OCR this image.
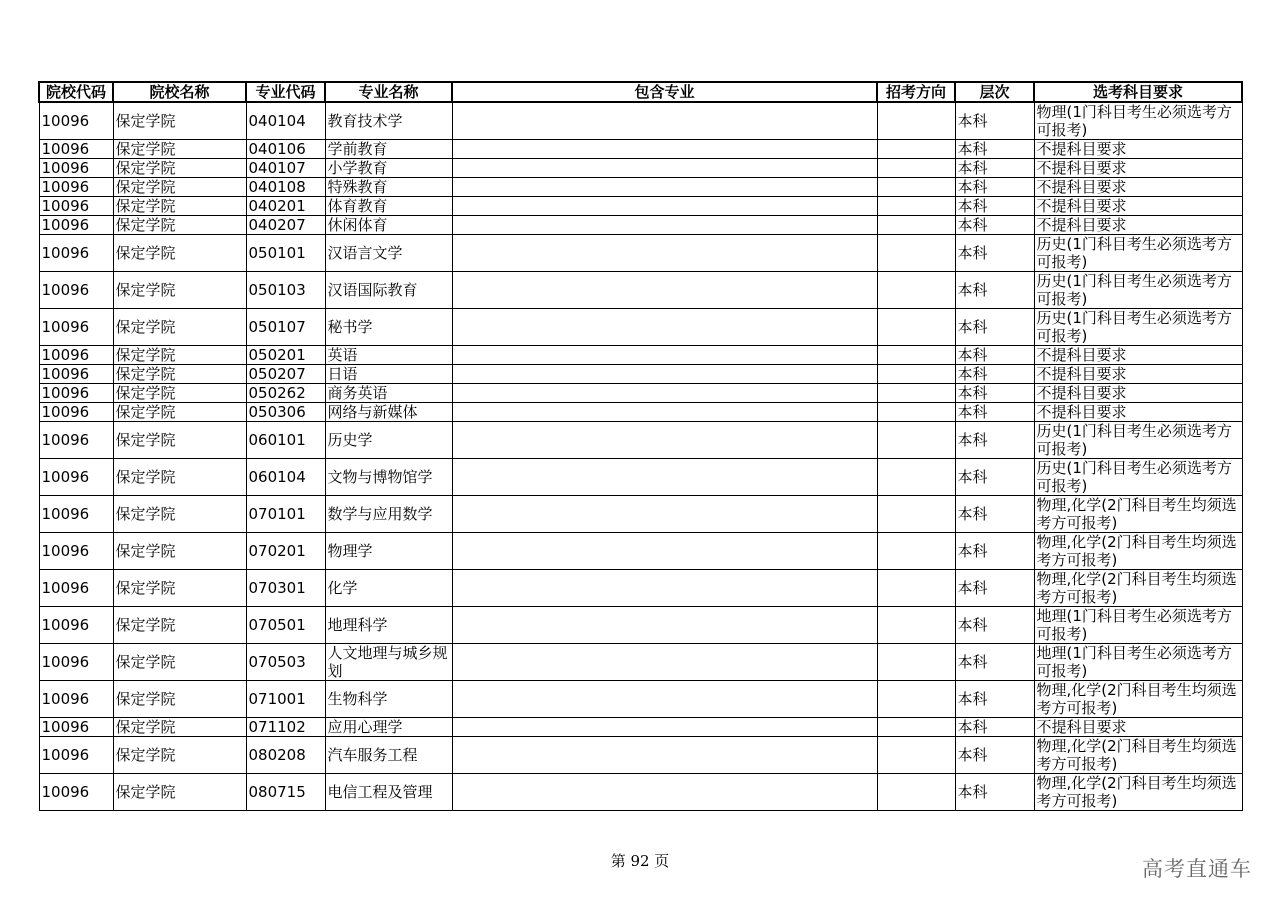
院校代码	院校名称	专业代码	专业名称	包含专业	招考方向	层次	选考科目要求
10096	保定学院	040104	教育技术学			本科	物理(1门科目考生必须选考方可报考)
10096	保定学院	040106	学前教育			本科	不提科目要求
10096	保定学院	040107	小学教育			本科	不提科目要求
10096	保定学院	040108	特殊教育			本科	不提科目要求
10096	保定学院	040201	体育教育			本科	不提科目要求
10096	保定学院	040207	休闲体育			本科	不提科目要求
10096	保定学院	050101	汉语言文学			本科	历史(1门科目考生必须选考方可报考)
10096	保定学院	050103	汉语国际教育			本科	历史(1门科目考生必须选考方可报考)
10096	保定学院	050107	秘书学			本科	历史(1门科目考生必须选考方可报考)
10096	保定学院	050201	英语			本科	不提科目要求
10096	保定学院	050207	日语			本科	不提科目要求
10096	保定学院	050262	商务英语			本科	不提科目要求
10096	保定学院	050306	网络与新媒体			本科	不提科目要求
10096	保定学院	060101	历史学			本科	历史(1门科目考生必须选考方可报考)
10096	保定学院	060104	文物与博物馆学			本科	历史(1门科目考生必须选考方可报考)
10096	保定学院	070101	数学与应用数学			本科	物理,化学(2门科目考生均须选考方可报考)
10096	保定学院	070201	物理学			本科	物理,化学(2门科目考生均须选考方可报考)
10096	保定学院	070301	化学			本科	物理,化学(2门科目考生均须选考方可报考)
10096	保定学院	070501	地理科学			本科	地理(1门科目考生必须选考方可报考)
10096	保定学院	070503	人文地理与城乡规划			本科	地理(1门科目考生必须选考方可报考)
10096	保定学院	071001	生物科学			本科	物理,化学(2门科目考生均须选考方可报考)
10096	保定学院	071102	应用心理学			本科	不提科目要求
10096	保定学院	080208	汽车服务工程			本科	物理,化学(2门科目考生均须选考方可报考)
10096	保定学院	080715	电信工程及管理			本科	物理,化学(2门科目考生均须选考方可报考)
第 92 页	高考直通车
